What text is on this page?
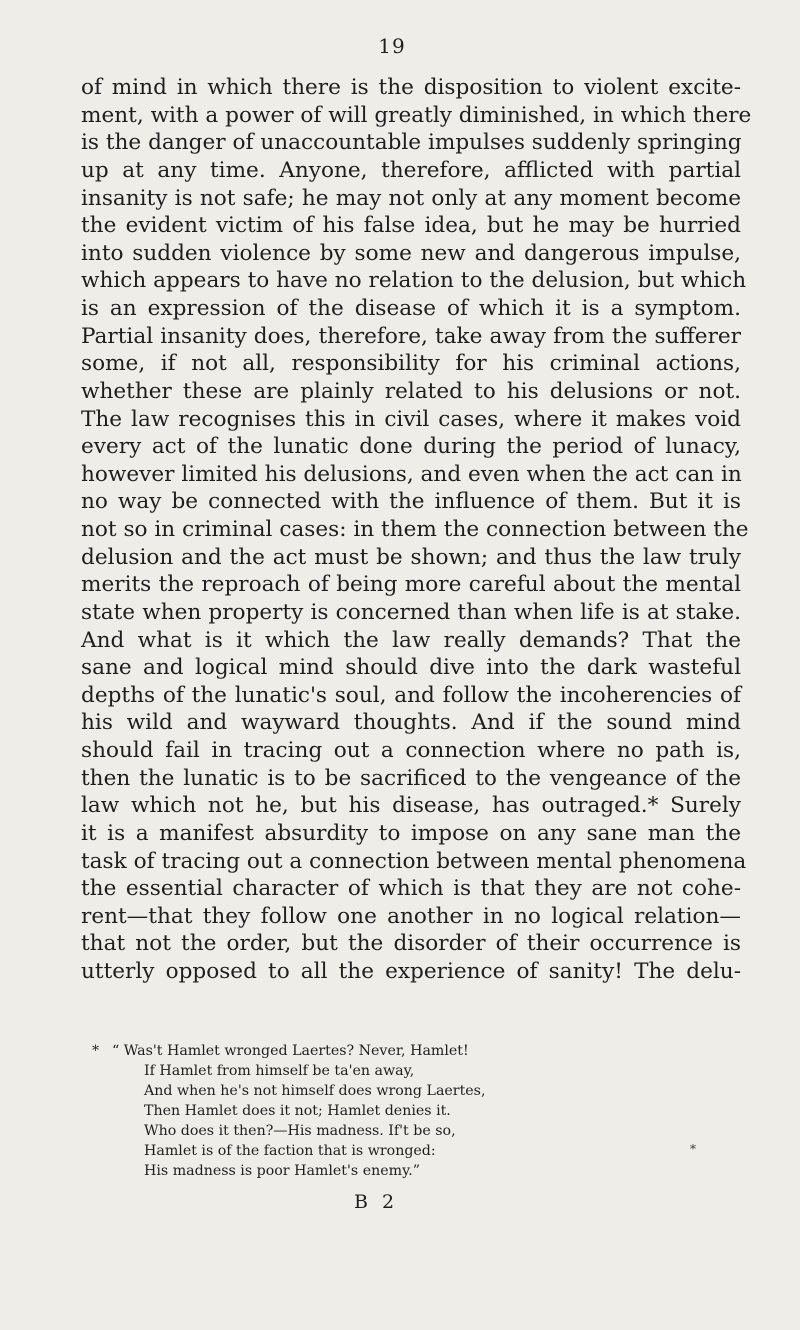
19
of mind in which there is the disposition to violent excite-
ment, with a power of will greatly diminished, in which there
is the danger of unaccountable impulses suddenly springing
up at any time. Anyone, therefore, afflicted with partial
insanity is not safe; he may not only at any moment become
the evident victim of his false idea, but he may be hurried
into sudden violence by some new and dangerous impulse,
which appears to have no relation to the delusion, but which
is an expression of the disease of which it is a symptom.
Partial insanity does, therefore, take away from the sufferer
some, if not all, responsibility for his criminal actions,
whether these are plainly related to his delusions or not.
The law recognises this in civil cases, where it makes void
every act of the lunatic done during the period of lunacy,
however limited his delusions, and even when the act can in
no way be connected with the influence of them. But it is
not so in criminal cases: in them the connection between the
delusion and the act must be shown; and thus the law truly
merits the reproach of being more careful about the mental
state when property is concerned than when life is at stake.
And what is it which the law really demands? That the
sane and logical mind should dive into the dark wasteful
depths of the lunatic's soul, and follow the incoherencies of
his wild and wayward thoughts. And if the sound mind
should fail in tracing out a connection where no path is,
then the lunatic is to be sacrificed to the vengeance of the
law which not he, but his disease, has outraged.* Surely
it is a manifest absurdity to impose on any sane man the
task of tracing out a connection between mental phenomena
the essential character of which is that they are not cohe-
rent—that they follow one another in no logical relation—
that not the order, but the disorder of their occurrence is
utterly opposed to all the experience of sanity! The delu-
* “ Was't Hamlet wronged Laertes? Never, Hamlet!
If Hamlet from himself be ta'en away,
And when he's not himself does wrong Laertes,
Then Hamlet does it not; Hamlet denies it.
Who does it then?—His madness. If't be so,
Hamlet is of the faction that is wronged:
His madness is poor Hamlet's enemy.”
*
B 2
